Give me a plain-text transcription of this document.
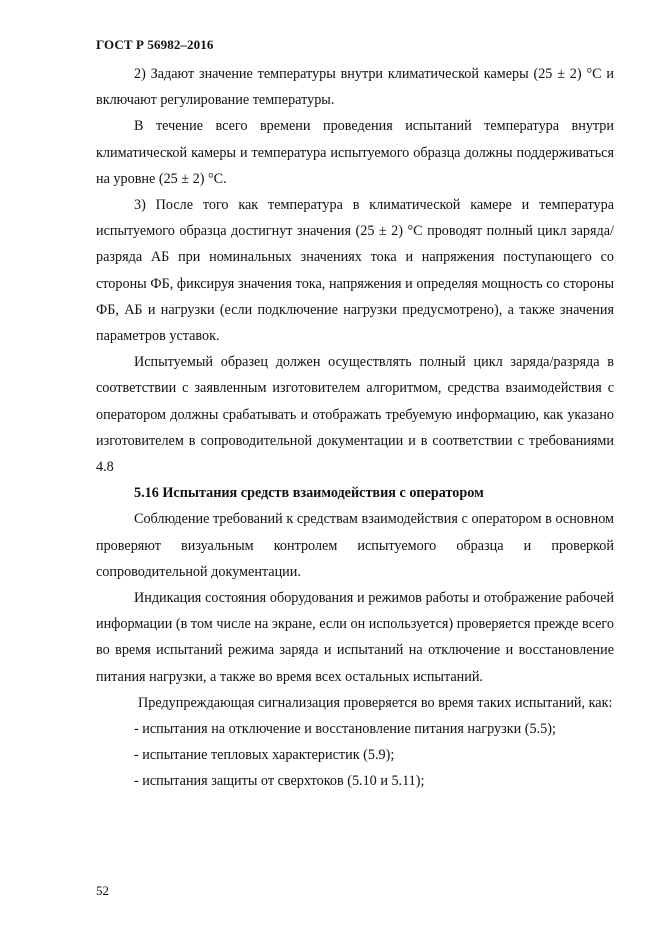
ГОСТ Р 56982–2016

2) Задают значение температуры внутри климатической камеры (25 ± 2) °С и включают регулирование температуры.

В течение всего времени проведения испытаний температура внутри климатической камеры и температура испытуемого образца должны поддерживаться на уровне (25 ± 2) °С.

3) После того как температура в климатической камере и температура испытуемого образца достигнут значения (25 ± 2) °С проводят полный цикл заряда/разряда АБ при номинальных значениях тока и напряжения поступающего со стороны ФБ, фиксируя значения тока, напряжения и определяя мощность со стороны ФБ, АБ и нагрузки (если подключение нагрузки предусмотрено), а также значения параметров уставок.

Испытуемый образец должен осуществлять полный цикл заряда/разряда в соответствии с заявленным изготовителем алгоритмом, средства взаимодействия с оператором должны срабатывать и отображать требуемую информацию, как указано изготовителем в сопроводительной документации и в соответствии с требованиями 4.8

5.16 Испытания средств взаимодействия с оператором

Соблюдение требований к средствам взаимодействия с оператором в основном проверяют визуальным контролем испытуемого образца и проверкой сопроводительной документации.

Индикация состояния оборудования и режимов работы и отображение рабочей информации (в том числе на экране, если он используется) проверяется прежде всего во время испытаний режима заряда и испытаний на отключение и восстановление питания нагрузки, а также во время всех остальных испытаний.

Предупреждающая сигнализация проверяется во время таких испытаний, как:

- испытания на отключение и восстановление питания нагрузки (5.5);

- испытание тепловых характеристик (5.9);

- испытания защиты от сверхтоков (5.10 и 5.11);

52
